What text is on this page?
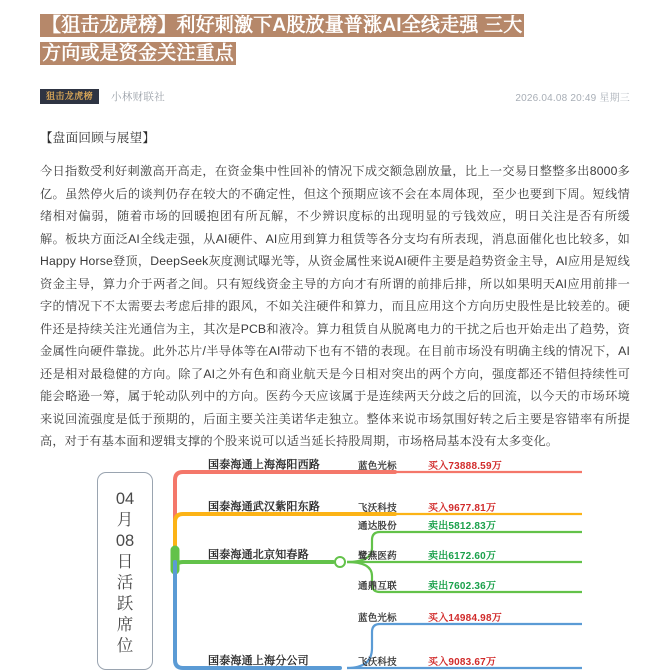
【狙击龙虎榜】利好刺激下A股放量普涨AI全线走强 三大
方向或是资金关注重点
狙击龙虎榜	小林财联社	2026.04.08 20:49 星期三
【盘面回顾与展望】

今日指数受利好刺激高开高走，在资金集中性回补的情况下成交额急剧放量，比上一交易日整整多出8000多亿。虽然停火后的谈判仍存在较大的不确定性，但这个预期应该不会在本周体现，至少也要到下周。短线情绪相对偏弱，随着市场的回暖抱团有所瓦解，不少辨识度标的出现明显的亏钱效应，明日关注是否有所缓解。板块方面泛AI全线走强，从AI硬件、AI应用到算力租赁等各分支均有所表现，消息面催化也比较多，如Happy Horse登顶，DeepSeek灰度测试曝光等，从资金属性来说AI硬件主要是趋势资金主导，AI应用是短线资金主导，算力介于两者之间。只有短线资金主导的方向才有所谓的前排后排，所以如果明天AI应用前排一字的情况下不太需要去考虑后排的跟风，不如关注硬件和算力，而且应用这个方向历史股性是比较差的。硬件还是持续关注光通信为主，其次是PCB和液冷。算力租赁自从脱离电力的干扰之后也开始走出了趋势，资金属性向硬件靠拢。此外芯片/半导体等在AI带动下也有不错的表现。在目前市场没有明确主线的情况下，AI还是相对最稳健的方向。除了AI之外有色和商业航天是今日相对突出的两个方向，强度都还不错但持续性可能会略逊一筹，属于轮动队列中的方向。医药今天应该属于是连续两天分歧之后的回流，以今天的市场环境来说回流强度是低于预期的，后面主要关注美诺华走独立。整体来说市场氛围好转之后主要是容错率有所提高，对于有基本面和逻辑支撑的个股来说可以适当延长持股周期，市场格局基本没有太多变化。

04
月
08
日
活
跃
席
位
国泰海通上海海阳西路
国泰海通武汉紫阳东路
国泰海通北京知春路
国泰海通上海分公司
蓝色光标	买入73888.59万
飞沃科技	买入9677.81万
通达股份	卖出5812.83万
鹭燕医药	卖出6172.60万
通鼎互联	卖出7602.36万
蓝色光标	买入14984.98万
飞沃科技	买入9083.67万
